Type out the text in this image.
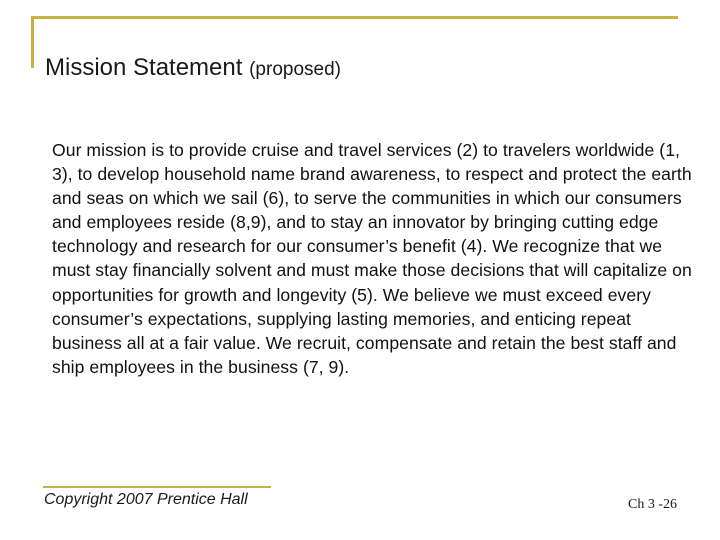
Mission Statement (proposed)
Our mission is to provide cruise and travel services (2) to travelers worldwide (1, 3), to develop household name brand awareness, to respect and protect the earth and seas on which we sail (6), to serve the communities in which our consumers and employees reside (8,9), and to stay an innovator by bringing cutting edge technology and research for our consumer’s benefit (4). We recognize that we must stay financially solvent and must make those decisions that will capitalize on opportunities for growth and longevity (5). We believe we must exceed every consumer’s expectations, supplying lasting memories, and enticing repeat business all at a fair value. We recruit, compensate and retain the best staff and ship employees in the business (7, 9).
Copyright 2007 Prentice Hall	Ch 3 -26
